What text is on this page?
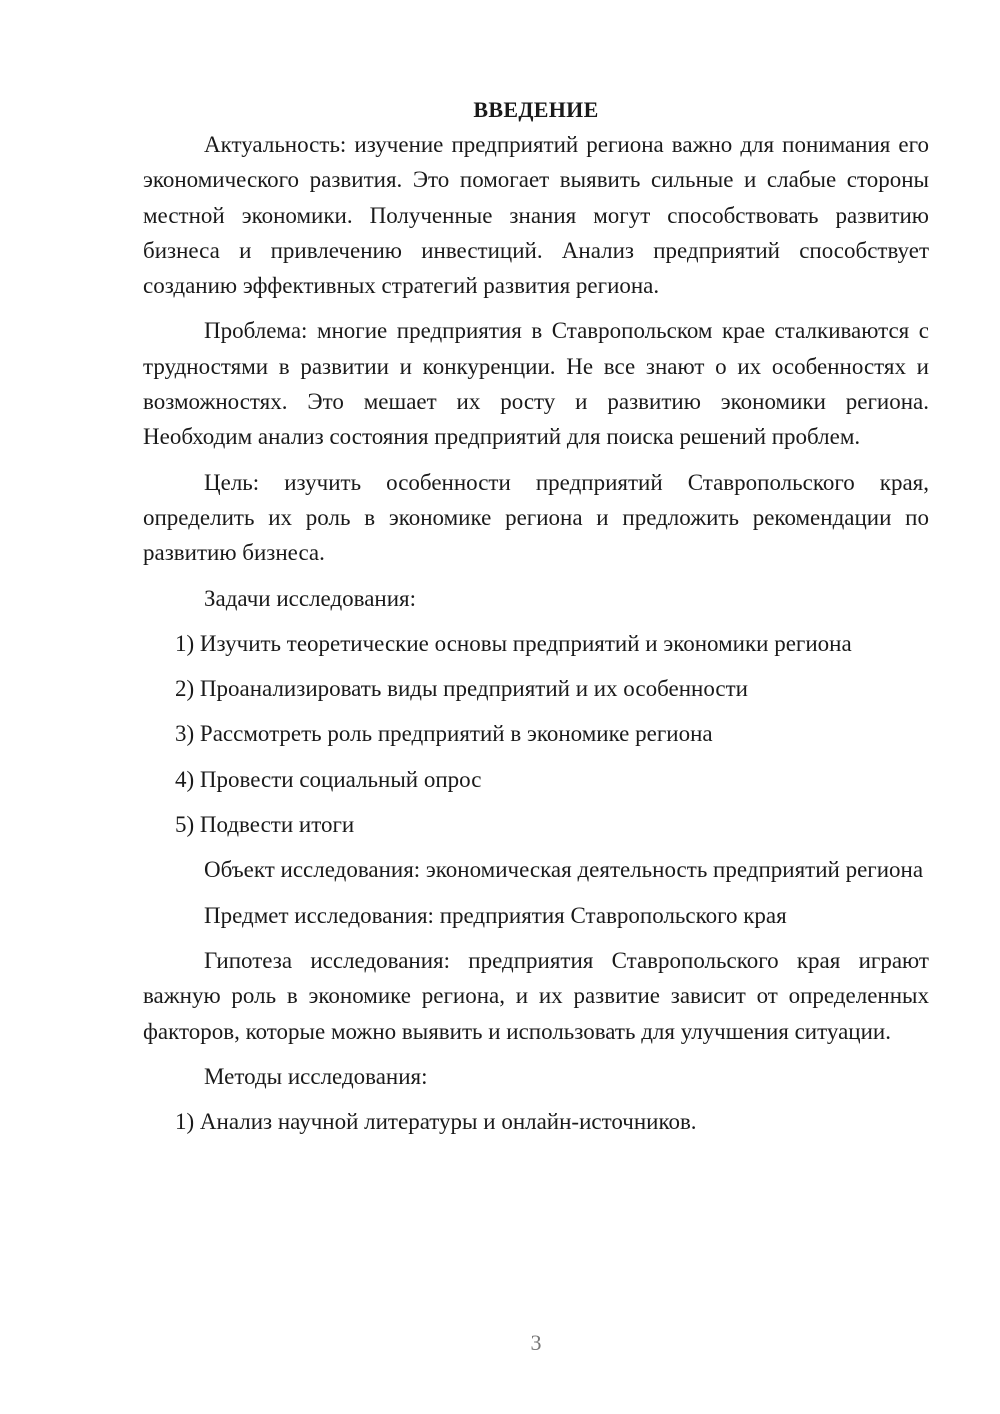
ВВЕДЕНИЕ

Актуальность: изучение предприятий региона важно для понимания его экономического развития. Это помогает выявить сильные и слабые стороны местной экономики. Полученные знания могут способствовать развитию бизнеса и привлечению инвестиций. Анализ предприятий способствует созданию эффективных стратегий развития региона.

Проблема: многие предприятия в Ставропольском крае сталкиваются с трудностями в развитии и конкуренции. Не все знают о их особенностях и возможностях. Это мешает их росту и развитию экономики региона. Необходим анализ состояния предприятий для поиска решений проблем.

Цель: изучить особенности предприятий Ставропольского края, определить их роль в экономике региона и предложить рекомендации по развитию бизнеса.

Задачи исследования:

1) Изучить теоретические основы предприятий и экономики региона

2) Проанализировать виды предприятий и их особенности

3) Рассмотреть роль предприятий в экономике региона

4) Провести социальный опрос

5) Подвести итоги

Объект исследования: экономическая деятельность предприятий региона

Предмет исследования: предприятия Ставропольского края

Гипотеза исследования: предприятия Ставропольского края играют важную роль в экономике региона, и их развитие зависит от определенных факторов, которые можно выявить и использовать для улучшения ситуации.

Методы исследования:

1) Анализ научной литературы и онлайн-источников.

3
